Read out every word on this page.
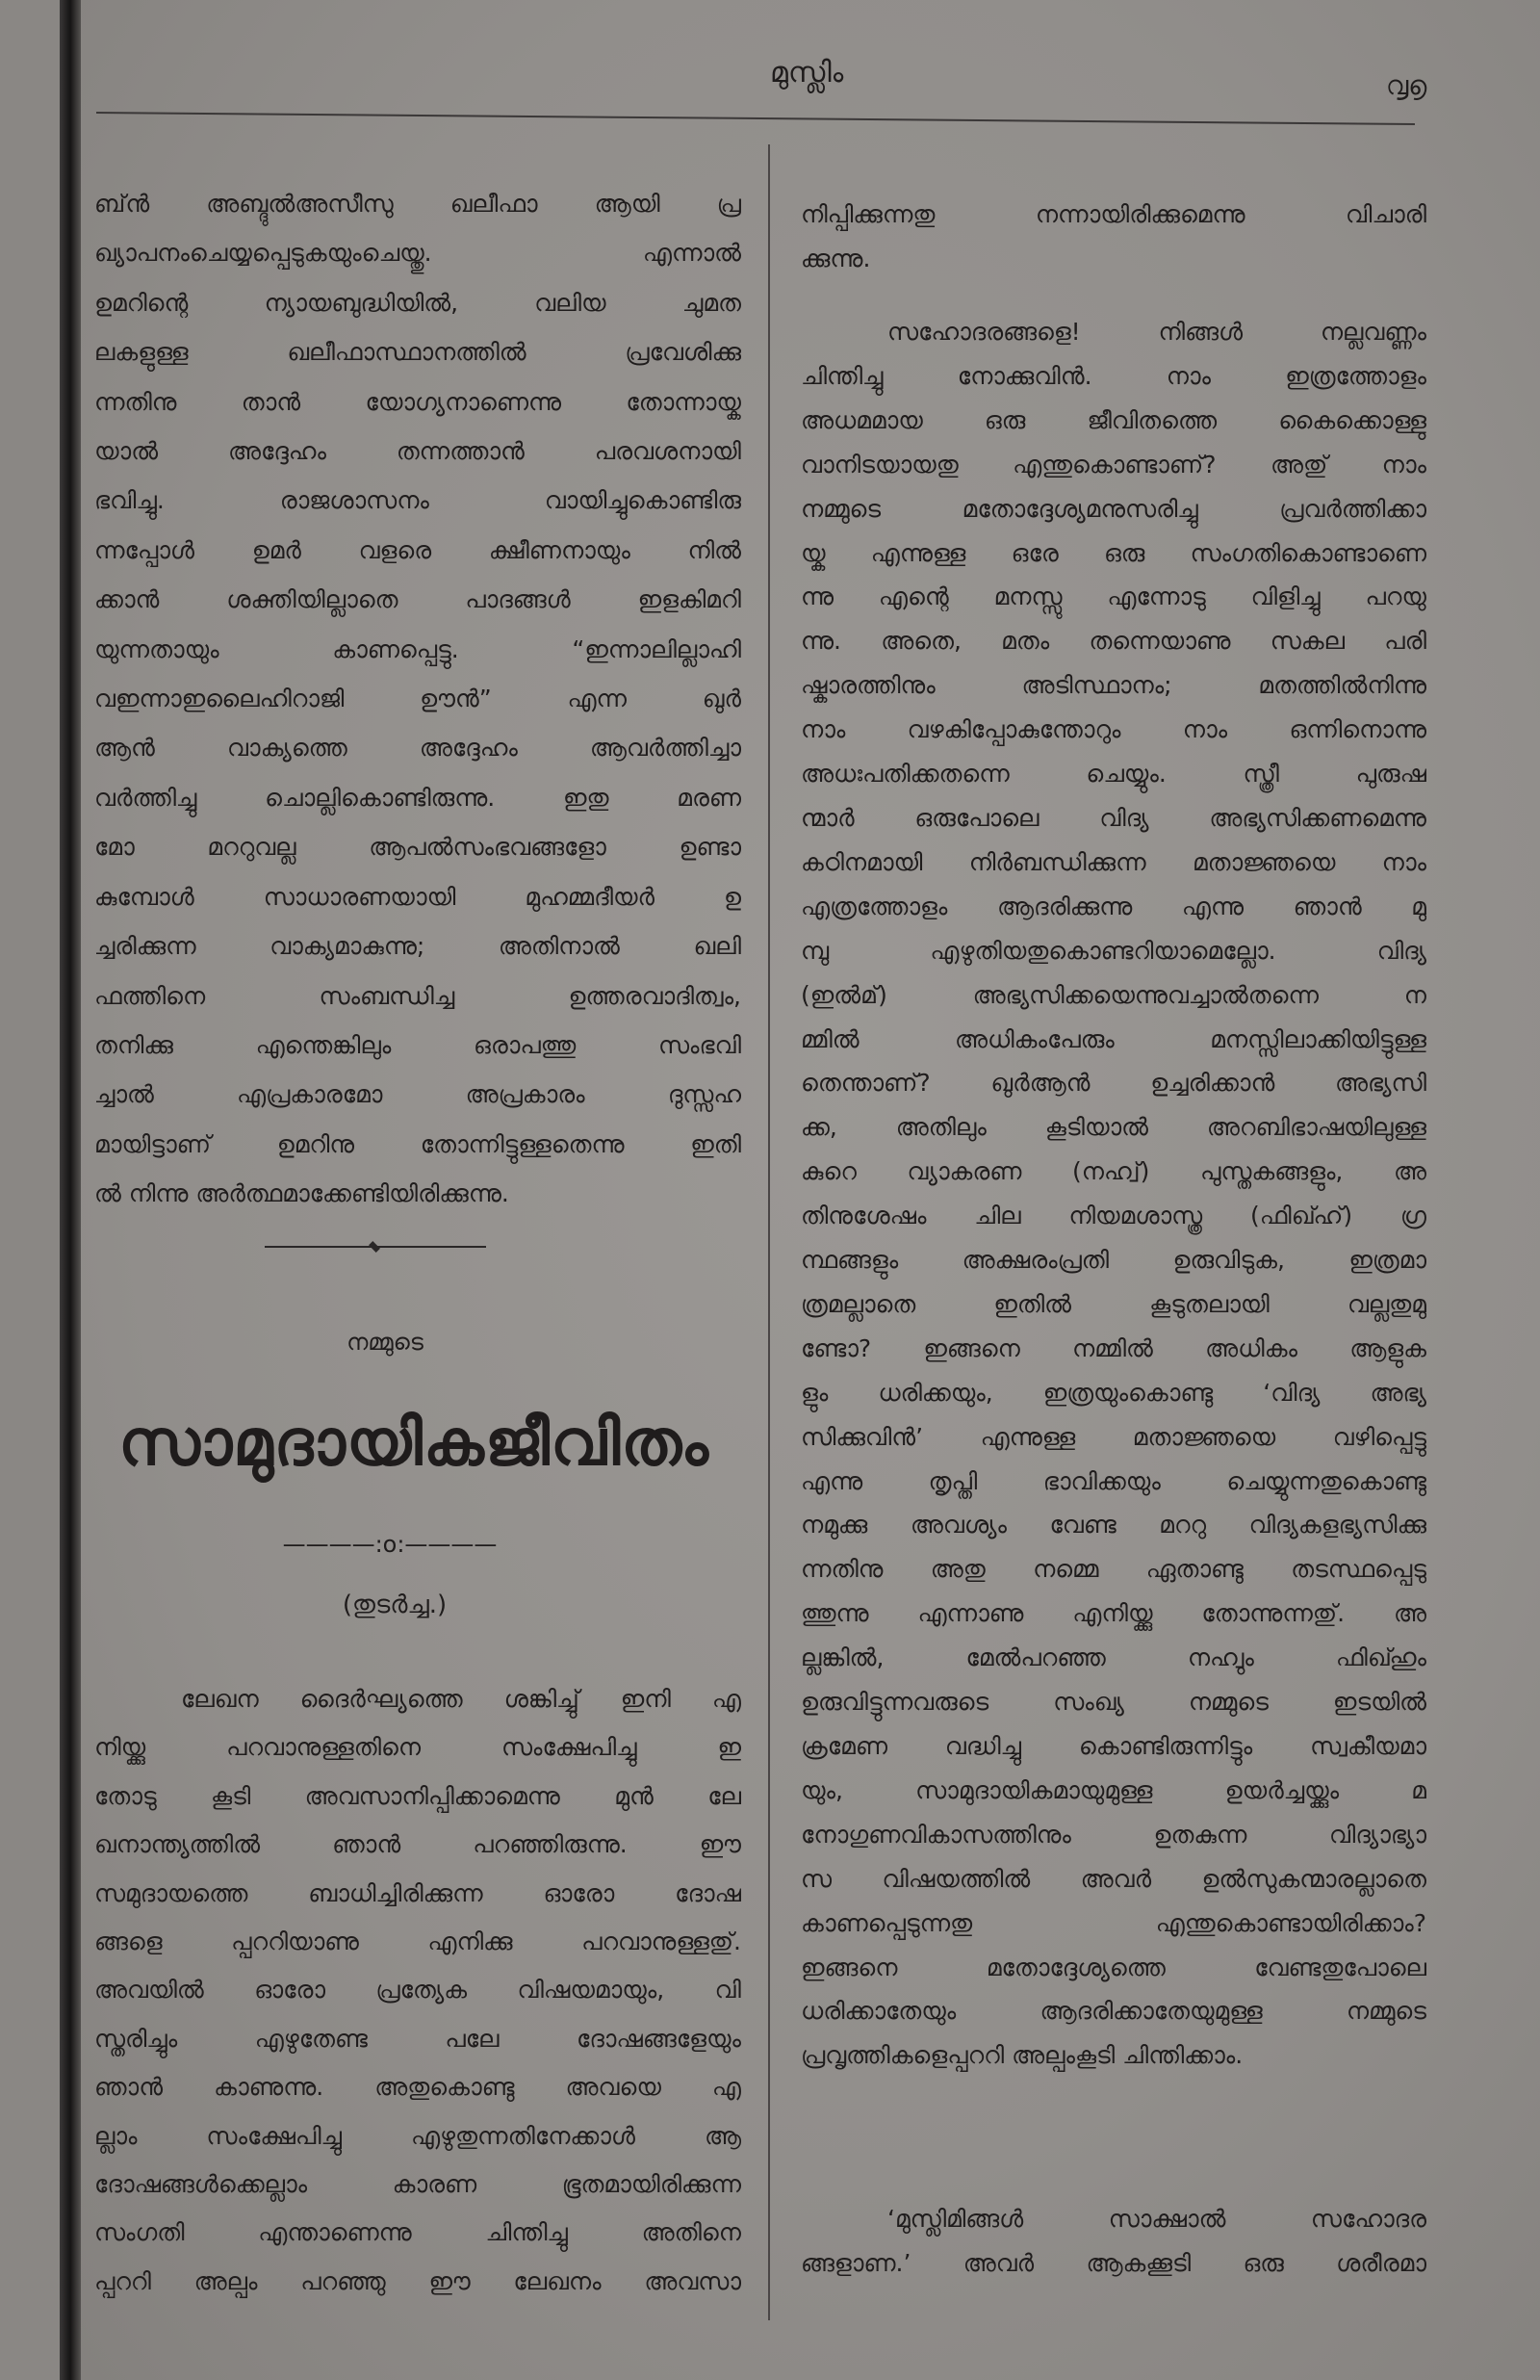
മുസ്ലിം	൮൭
ബ്ൻ അബ്ദുൽഅസീസു ഖലീഫാ ആയി പ്ര
ഖ്യാപനംചെയ്യപ്പെടുകയുംചെയ്തു. എന്നാൽ
ഉമറിന്റെ ന്യായബുദ്ധിയിൽ, വലിയ ചുമത
ലകളുള്ള ഖലീഫാസ്ഥാനത്തിൽ പ്രവേശിക്കു
ന്നതിനു താൻ യോഗ്യനാണെന്നു തോന്നായ്ക
യാൽ അദ്ദേഹം തന്നത്താൻ പരവശനായി
ഭവിച്ചു. രാജശാസനം വായിച്ചുകൊണ്ടിരു
ന്നപ്പോൾ ഉമർ വളരെ ക്ഷീണനായും നിൽ
ക്കാൻ ശക്തിയില്ലാതെ പാദങ്ങൾ ഇളകിമറി
യുന്നതായും കാണപ്പെട്ടു. “ഇന്നാലില്ലാഹി
വഇന്നാഇലൈഹിറാജി ഊൻ” എന്ന ഖുർ
ആൻ വാക്യത്തെ അദ്ദേഹം ആവർത്തിച്ചാ
വർത്തിച്ചു ചൊല്ലികൊണ്ടിരുന്നു. ഇതു മരണ
മോ മററുവല്ല ആപൽസംഭവങ്ങളോ ഉണ്ടാ
കുമ്പോൾ സാധാരണയായി മുഹമ്മദീയർ ഉ
ച്ചരിക്കുന്ന വാക്യമാകുന്നു; അതിനാൽ ഖലി
ഫത്തിനെ സംബന്ധിച്ച ഉത്തരവാദിത്വം,
തനിക്കു എന്തെങ്കിലും ഒരാപത്തു സംഭവി
ച്ചാൽ എപ്രകാരമോ അപ്രകാരം ദുസ്സഹ
മായിട്ടാണ് ഉമറിനു തോന്നിട്ടുള്ളതെന്നു ഇതി
ൽ നിന്നു അർത്ഥമാക്കേണ്ടിയിരിക്കുന്നു.
നമ്മുടെ
സാമുദായികജീവിതം
————:o:————
(തുടർച്ച.)
ലേഖന ദൈർഘ്യത്തെ ശങ്കിച്ചു് ഇനി എ
നിയ്ക്കു പറവാനുള്ളതിനെ സംക്ഷേപിച്ചു ഇ
തോടു കൂടി അവസാനിപ്പിക്കാമെന്നു മുൻ ലേ
ഖനാന്ത്യത്തിൽ ഞാൻ പറഞ്ഞിരുന്നു. ഈ
സമുദായത്തെ ബാധിച്ചിരിക്കുന്ന ഓരോ ദോഷ
ങ്ങളെ പ്പററിയാണു എനിക്കു പറവാനുള്ളതു്.
അവയിൽ ഓരോ പ്രത്യേക വിഷയമായും, വി
സ്തരിച്ചും എഴുതേണ്ട പലേ ദോഷങ്ങളേയും
ഞാൻ കാണുന്നു. അതുകൊണ്ടു അവയെ എ
ല്ലാം സംക്ഷേപിച്ചു എഴുതുന്നതിനേക്കാൾ ആ
ദോഷങ്ങൾക്കെല്ലാം കാരണ ഭൂതമായിരിക്കുന്ന
സംഗതി എന്താണെന്നു ചിന്തിച്ചു അതിനെ
പ്പററി അല്പം പറഞ്ഞു ഈ ലേഖനം അവസാ
നിപ്പിക്കുന്നതു നന്നായിരിക്കുമെന്നു വിചാരി
ക്കുന്നു.
സഹോദരങ്ങളെ! നിങ്ങൾ നല്ലവണ്ണം
ചിന്തിച്ചു നോക്കുവിൻ. നാം ഇത്രത്തോളം
അധമമായ ഒരു ജീവിതത്തെ കൈക്കൊള്ളു
വാനിടയായതു എന്തുകൊണ്ടാണ്? അതു് നാം
നമ്മുടെ മതോദ്ദേശ്യമനുസരിച്ചു പ്രവർത്തിക്കാ
യ്ക എന്നുള്ള ഒരേ ഒരു സംഗതികൊണ്ടാണെ
ന്നു എന്റെ മനസ്സു എന്നോടു വിളിച്ചു പറയു
ന്നു. അതെ, മതം തന്നെയാണു സകല പരി
ഷ്കാരത്തിനും അടിസ്ഥാനം; മതത്തിൽനിന്നു
നാം വഴകിപ്പോകുന്തോറും നാം ഒന്നിനൊന്നു
അധഃപതിക്കതന്നെ ചെയ്യും. സ്ത്രീ പുരുഷ
ന്മാർ ഒരുപോലെ വിദ്യ അഭ്യസിക്കണമെന്നു
കഠിനമായി നിർബന്ധിക്കുന്ന മതാജ്ഞയെ നാം
എത്രത്തോളം ആദരിക്കുന്നു എന്നു ഞാൻ മു
മ്പു എഴുതിയതുകൊണ്ടറിയാമെല്ലോ. വിദ്യ
(ഇൽമ്) അഭ്യസിക്കയെന്നുവച്ചാൽതന്നെ ന
മ്മിൽ അധികംപേരും മനസ്സിലാക്കിയിട്ടുള്ള
തെന്താണ്? ഖുർആൻ ഉച്ചരിക്കാൻ അഭ്യസി
ക്ക, അതിലും കൂടിയാൽ അറബിഭാഷയിലുള്ള
കുറെ വ്യാകരണ (നഹ്വ്) പുസ്തകങ്ങളും, അ
തിനുശേഷം ചില നിയമശാസ്ത്ര (ഫിഖ്ഹ്) ഗ്ര
ന്ഥങ്ങളും അക്ഷരംപ്രതി ഉരുവിടുക, ഇത്രമാ
ത്രമല്ലാതെ ഇതിൽ കൂടുതലായി വല്ലതുമു
ണ്ടോ? ഇങ്ങനെ നമ്മിൽ അധികം ആളുക
ളും ധരിക്കയും, ഇത്രയുംകൊണ്ടു ‘വിദ്യ അഭ്യ
സിക്കുവിൻ’ എന്നുള്ള മതാജ്ഞയെ വഴിപ്പെട്ടു
എന്നു തൃപ്തി ഭാവിക്കയും ചെയ്യുന്നതുകൊണ്ടു
നമുക്കു അവശ്യം വേണ്ട മററു വിദ്യകളഭ്യസിക്കു
ന്നതിനു അതു നമ്മെ ഏതാണ്ടു തടസ്ഥപ്പെടു
ത്തുന്നു എന്നാണു എനിയ്ക്കു തോന്നുന്നതു്. അ
ല്ലങ്കിൽ, മേൽപറഞ്ഞ നഹ്വും ഫിഖ്ഹും
ഉരുവിട്ടുന്നവരുടെ സംഖ്യ നമ്മുടെ ഇടയിൽ
ക്രമേണ വദ്ധിച്ചു കൊണ്ടിരുന്നിട്ടും സ്വകീയമാ
യും, സാമുദായികമായുമുള്ള ഉയർച്ചയ്ക്കും മ
നോഗുണവികാസത്തിനും ഉതകുന്ന വിദ്യാഭ്യാ
സ വിഷയത്തിൽ അവർ ഉൽസുകന്മാരല്ലാതെ
കാണപ്പെടുന്നതു എന്തുകൊണ്ടായിരിക്കാം?
ഇങ്ങനെ മതോദ്ദേശ്യത്തെ വേണ്ടതുപോലെ
ധരിക്കാതേയും ആദരിക്കാതേയുമുള്ള നമ്മുടെ
പ്രവൃത്തികളെപ്പററി അല്പംകൂടി ചിന്തിക്കാം.
‘മുസ്ലിമിങ്ങൾ സാക്ഷാൽ സഹോദര
ങ്ങളാണ.’ അവർ ആകക്കൂടി ഒരു ശരീരമാ
